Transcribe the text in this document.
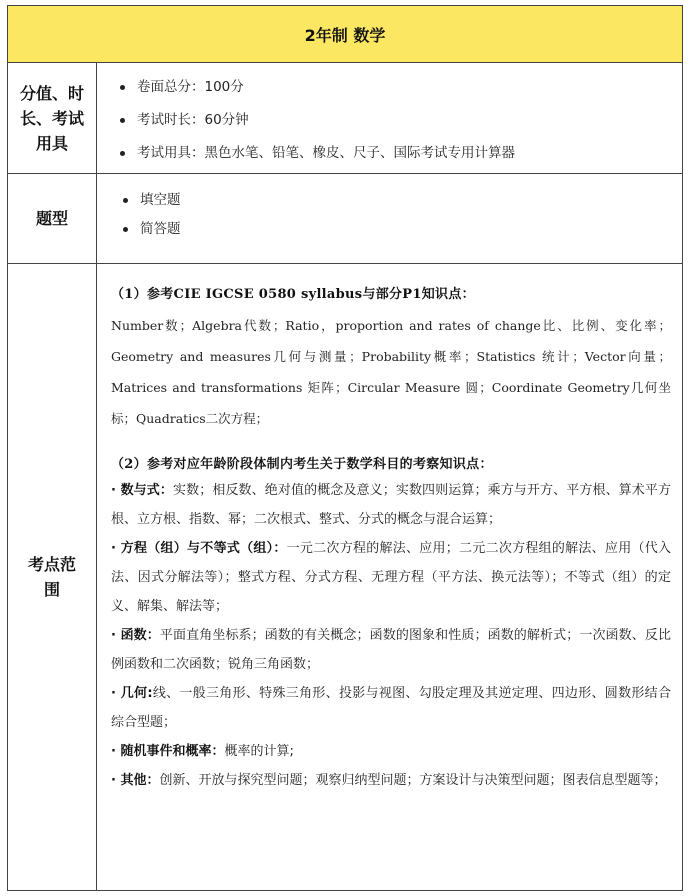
2年制 数学
分值、时长、考试用具
卷面总分：100分
考试时长：60分钟
考试用具：黑色水笔、铅笔、橡皮、尺子、国际考试专用计算器
题型
填空题
简答题
考点范围
（1）参考CIE IGCSE 0580 syllabus与部分P1知识点：
Number数；Algebra代数；Ratio，proportion and rates of change比、比例、变化率；Geometry and measures几何与测量；Probability概率；Statistics 统计；Vector向量；Matrices and transformations 矩阵；Circular Measure 圆；Coordinate Geometry几何坐标；Quadratics二次方程；
（2）参考对应年龄阶段体制内考生关于数学科目的考察知识点：
· 数与式：实数；相反数、绝对值的概念及意义；实数四则运算；乘方与开方、平方根、算术平方根、立方根、指数、幂；二次根式、整式、分式的概念与混合运算；
· 方程（组）与不等式（组）：一元二次方程的解法、应用；二元二次方程组的解法、应用（代入法、因式分解法等）；整式方程、分式方程、无理方程（平方法、换元法等）；不等式（组）的定义、解集、解法等；
· 函数：平面直角坐标系；函数的有关概念；函数的图象和性质；函数的解析式；一次函数、反比例函数和二次函数；锐角三角函数；
· 几何:线、一般三角形、特殊三角形、投影与视图、勾股定理及其逆定理、四边形、圆数形结合综合型题；
· 随机事件和概率：概率的计算;
· 其他：创新、开放与探究型问题；观察归纳型问题；方案设计与决策型问题；图表信息型题等；
